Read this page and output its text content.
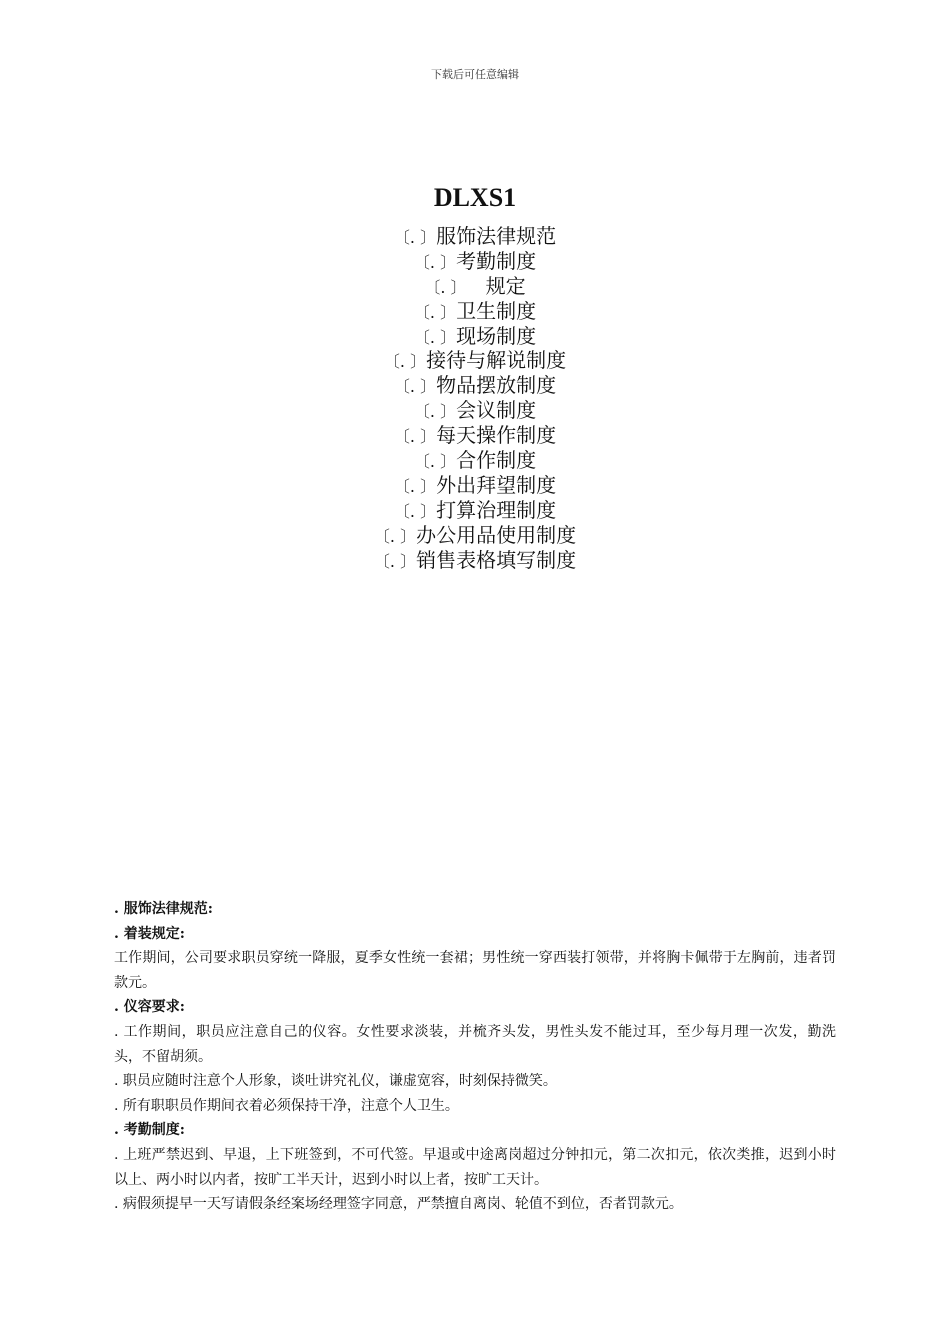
下载后可任意编辑
DLXS1
〔. 〕服饰法律规范
〔. 〕考勤制度
〔. 〕   规定
〔. 〕卫生制度
〔. 〕现场制度
〔. 〕接待与解说制度
〔. 〕物品摆放制度
〔. 〕会议制度
〔. 〕每天操作制度
〔. 〕合作制度
〔. 〕外出拜望制度
〔. 〕打算治理制度
〔. 〕办公用品使用制度
〔. 〕销售表格填写制度
. 服饰法律规范:
. 着装规定:
工作期间，公司要求职员穿统一降服，夏季女性统一套裙；男性统一穿西装打领带，并将胸卡佩带于左胸前，违者罚款元。
. 仪容要求:
. 工作期间，职员应注意自己的仪容。女性要求淡装，并梳齐头发，男性头发不能过耳，至少每月理一次发，勤洗头，不留胡须。
. 职员应随时注意个人形象，谈吐讲究礼仪，谦虚宽容，时刻保持微笑。
. 所有职职员作期间衣着必须保持干净，注意个人卫生。
. 考勤制度:
. 上班严禁迟到、早退，上下班签到，不可代签。早退或中途离岗超过分钟扣元，第二次扣元，依次类推，迟到小时以上、两小时以内者，按旷工半天计，迟到小时以上者，按旷工天计。
. 病假须提早一天写请假条经案场经理签字同意，严禁擅自离岗、轮值不到位，否者罚款元。
